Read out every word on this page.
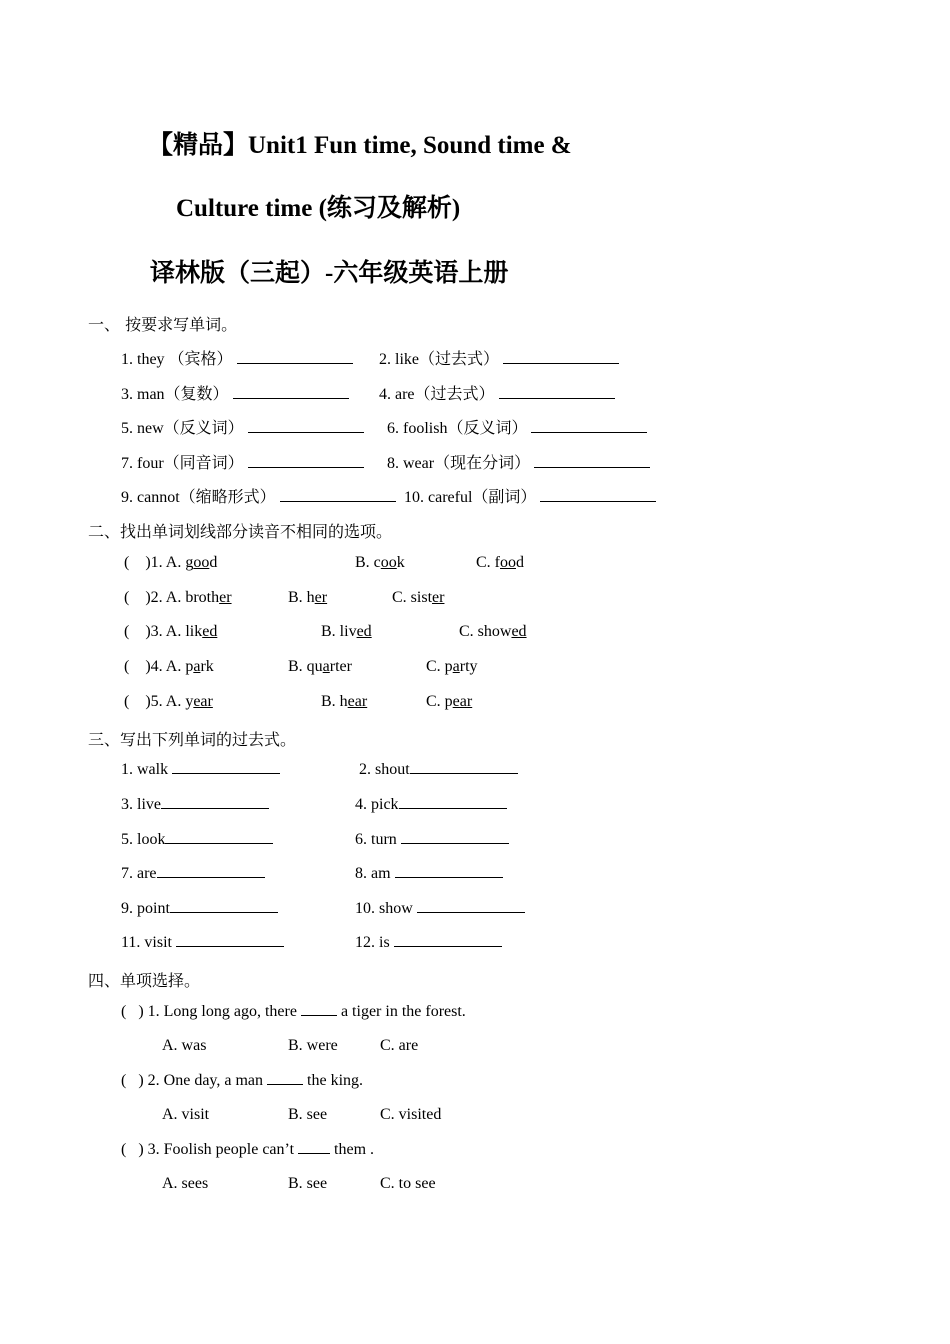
【精品】Unit1 Fun time, Sound time &
Culture time (练习及解析)
译林版（三起）-六年级英语上册
一、 按要求写单词。
1. they （宾格）	2. like（过去式）
3. man（复数）	4. are（过去式）
5. new（反义词）	6. foolish（反义词）
7. four（同音词）	8. wear（现在分词）
9. cannot（缩略形式）	10. careful（副词）
二、找出单词划线部分读音不相同的选项。
(    )1. A. good	B. cook	C. food
(    )2. A. brother	B. her	C. sister
(    )3. A. liked	B. lived	C. showed
(    )4. A. park	B. quarter	C. party
(    )5. A. year	B. hear	C. pear
三、写出下列单词的过去式。
1. walk	2. shout
3. live	4. pick
5. look	6. turn
7. are	8. am
9. point	10. show
11. visit	12. is
四、单项选择。
(   ) 1. Long long ago, there	a tiger in the forest.
A. was	B. were	C. are
(   ) 2. One day, a man	the king.
A. visit	B. see	C. visited
(   ) 3. Foolish people can’t	them .
A. sees	B. see	C. to see
